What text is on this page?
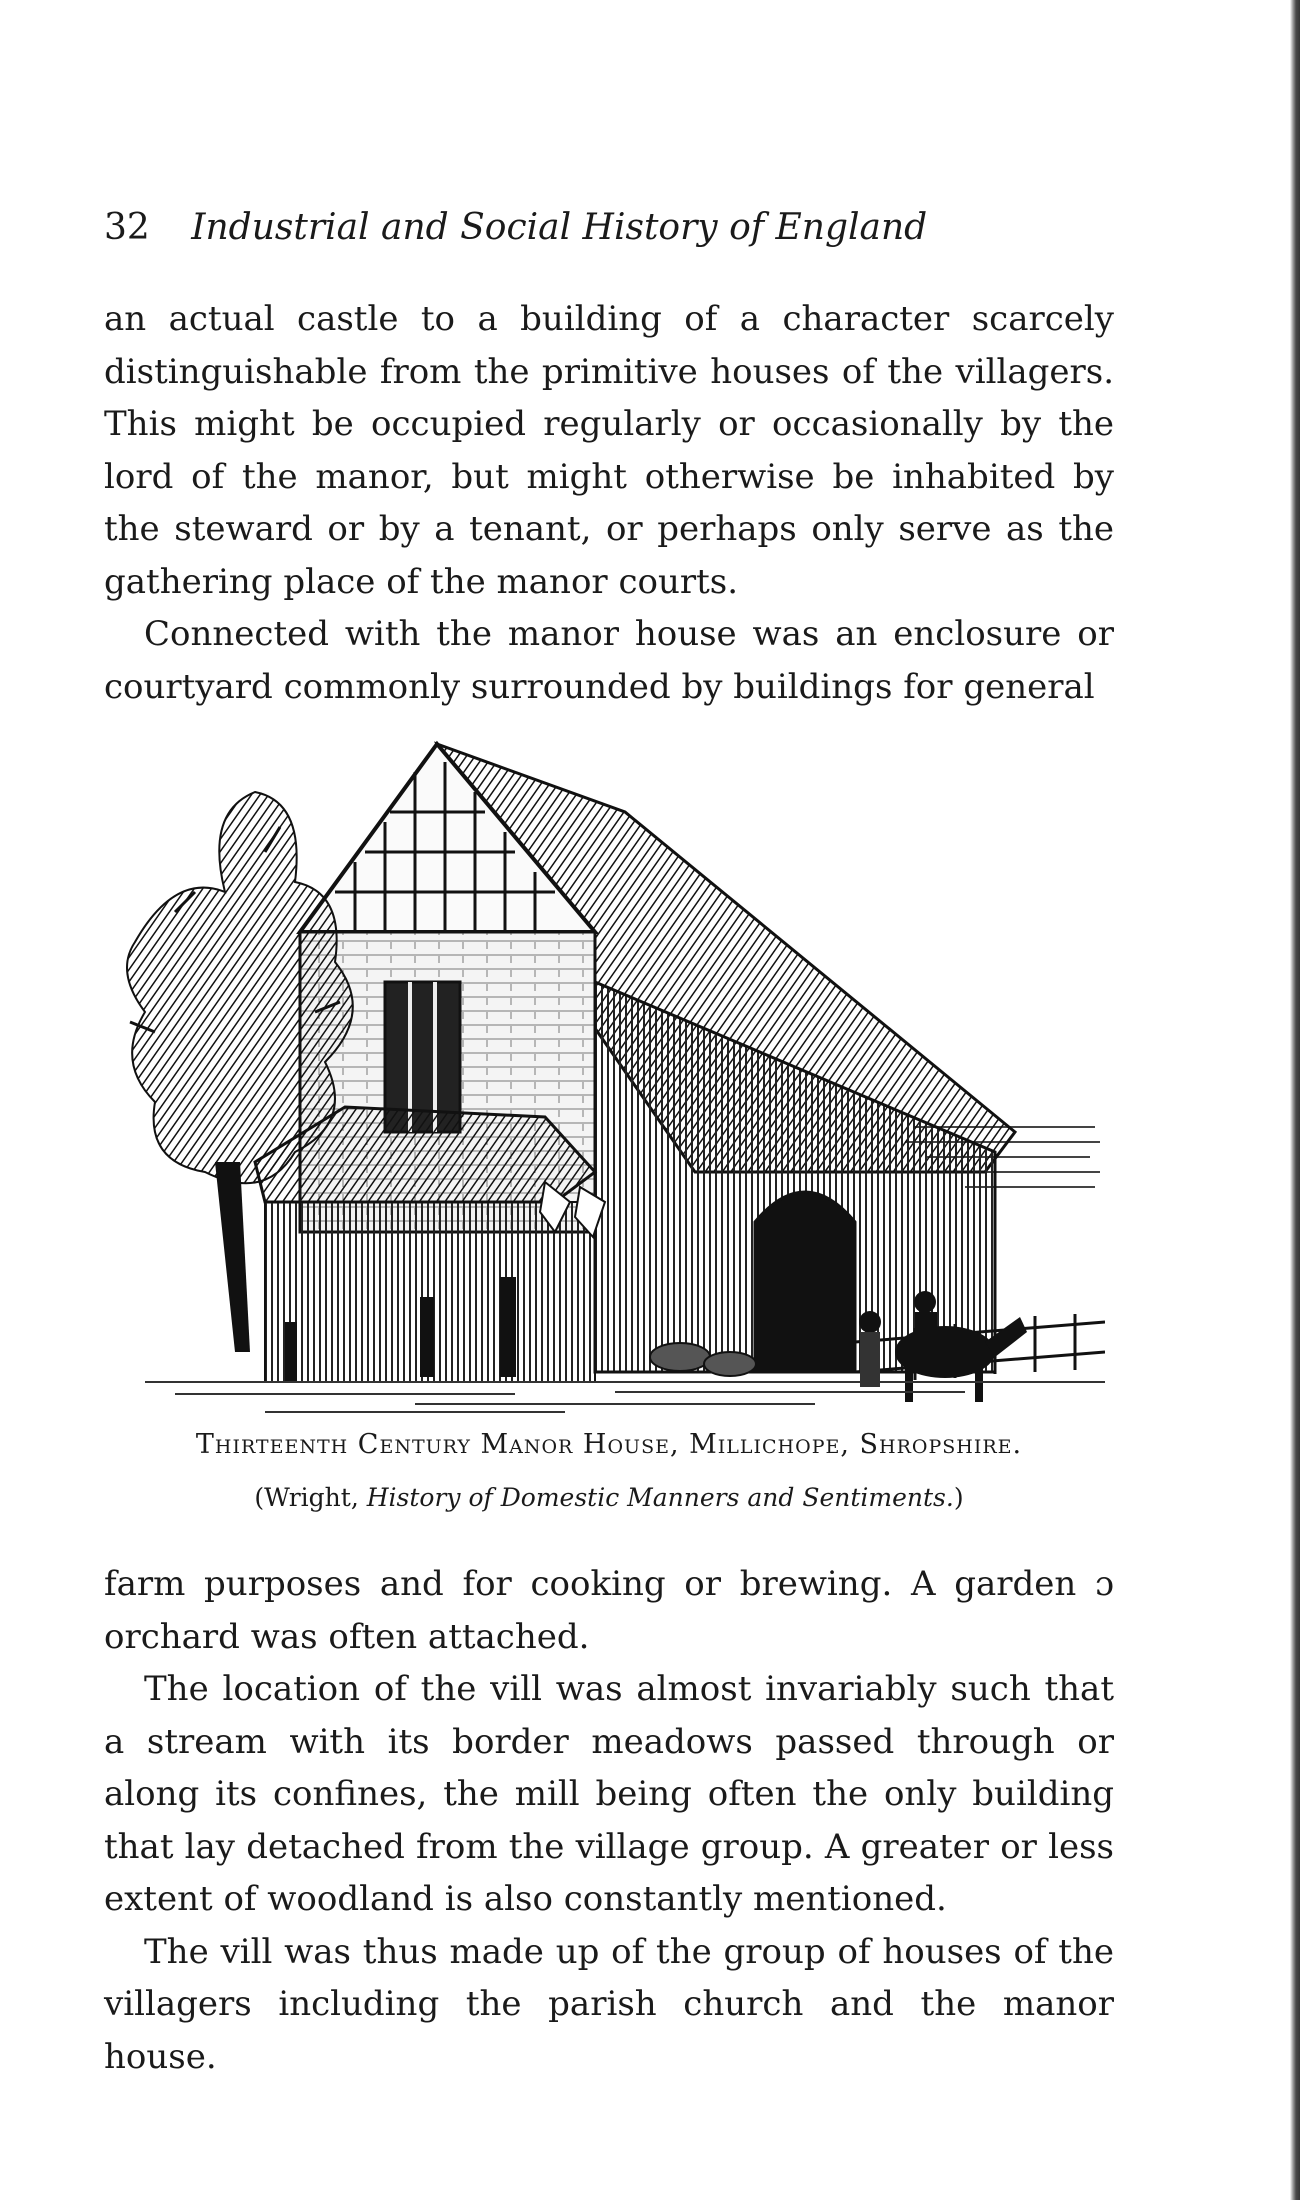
32 Industrial and Social History of England

an actual castle to a building of a character scarcely distinguishable from the primitive houses of the villagers. This might be occupied regularly or occasionally by the lord of the manor, but might otherwise be inhabited by the steward or by a tenant, or perhaps only serve as the gathering place of the manor courts.

Connected with the manor house was an enclosure or courtyard commonly surrounded by buildings for general

Thirteenth Century Manor House, Millichope, Shropshire.
(Wright, History of Domestic Manners and Sentiments.)

farm purposes and for cooking or brewing. A garden ɔ orchard was often attached.

The location of the vill was almost invariably such that a stream with its border meadows passed through or along its confines, the mill being often the only building that lay detached from the village group. A greater or less extent of woodland is also constantly mentioned.

The vill was thus made up of the group of houses of the villagers including the parish church and the manor house.
